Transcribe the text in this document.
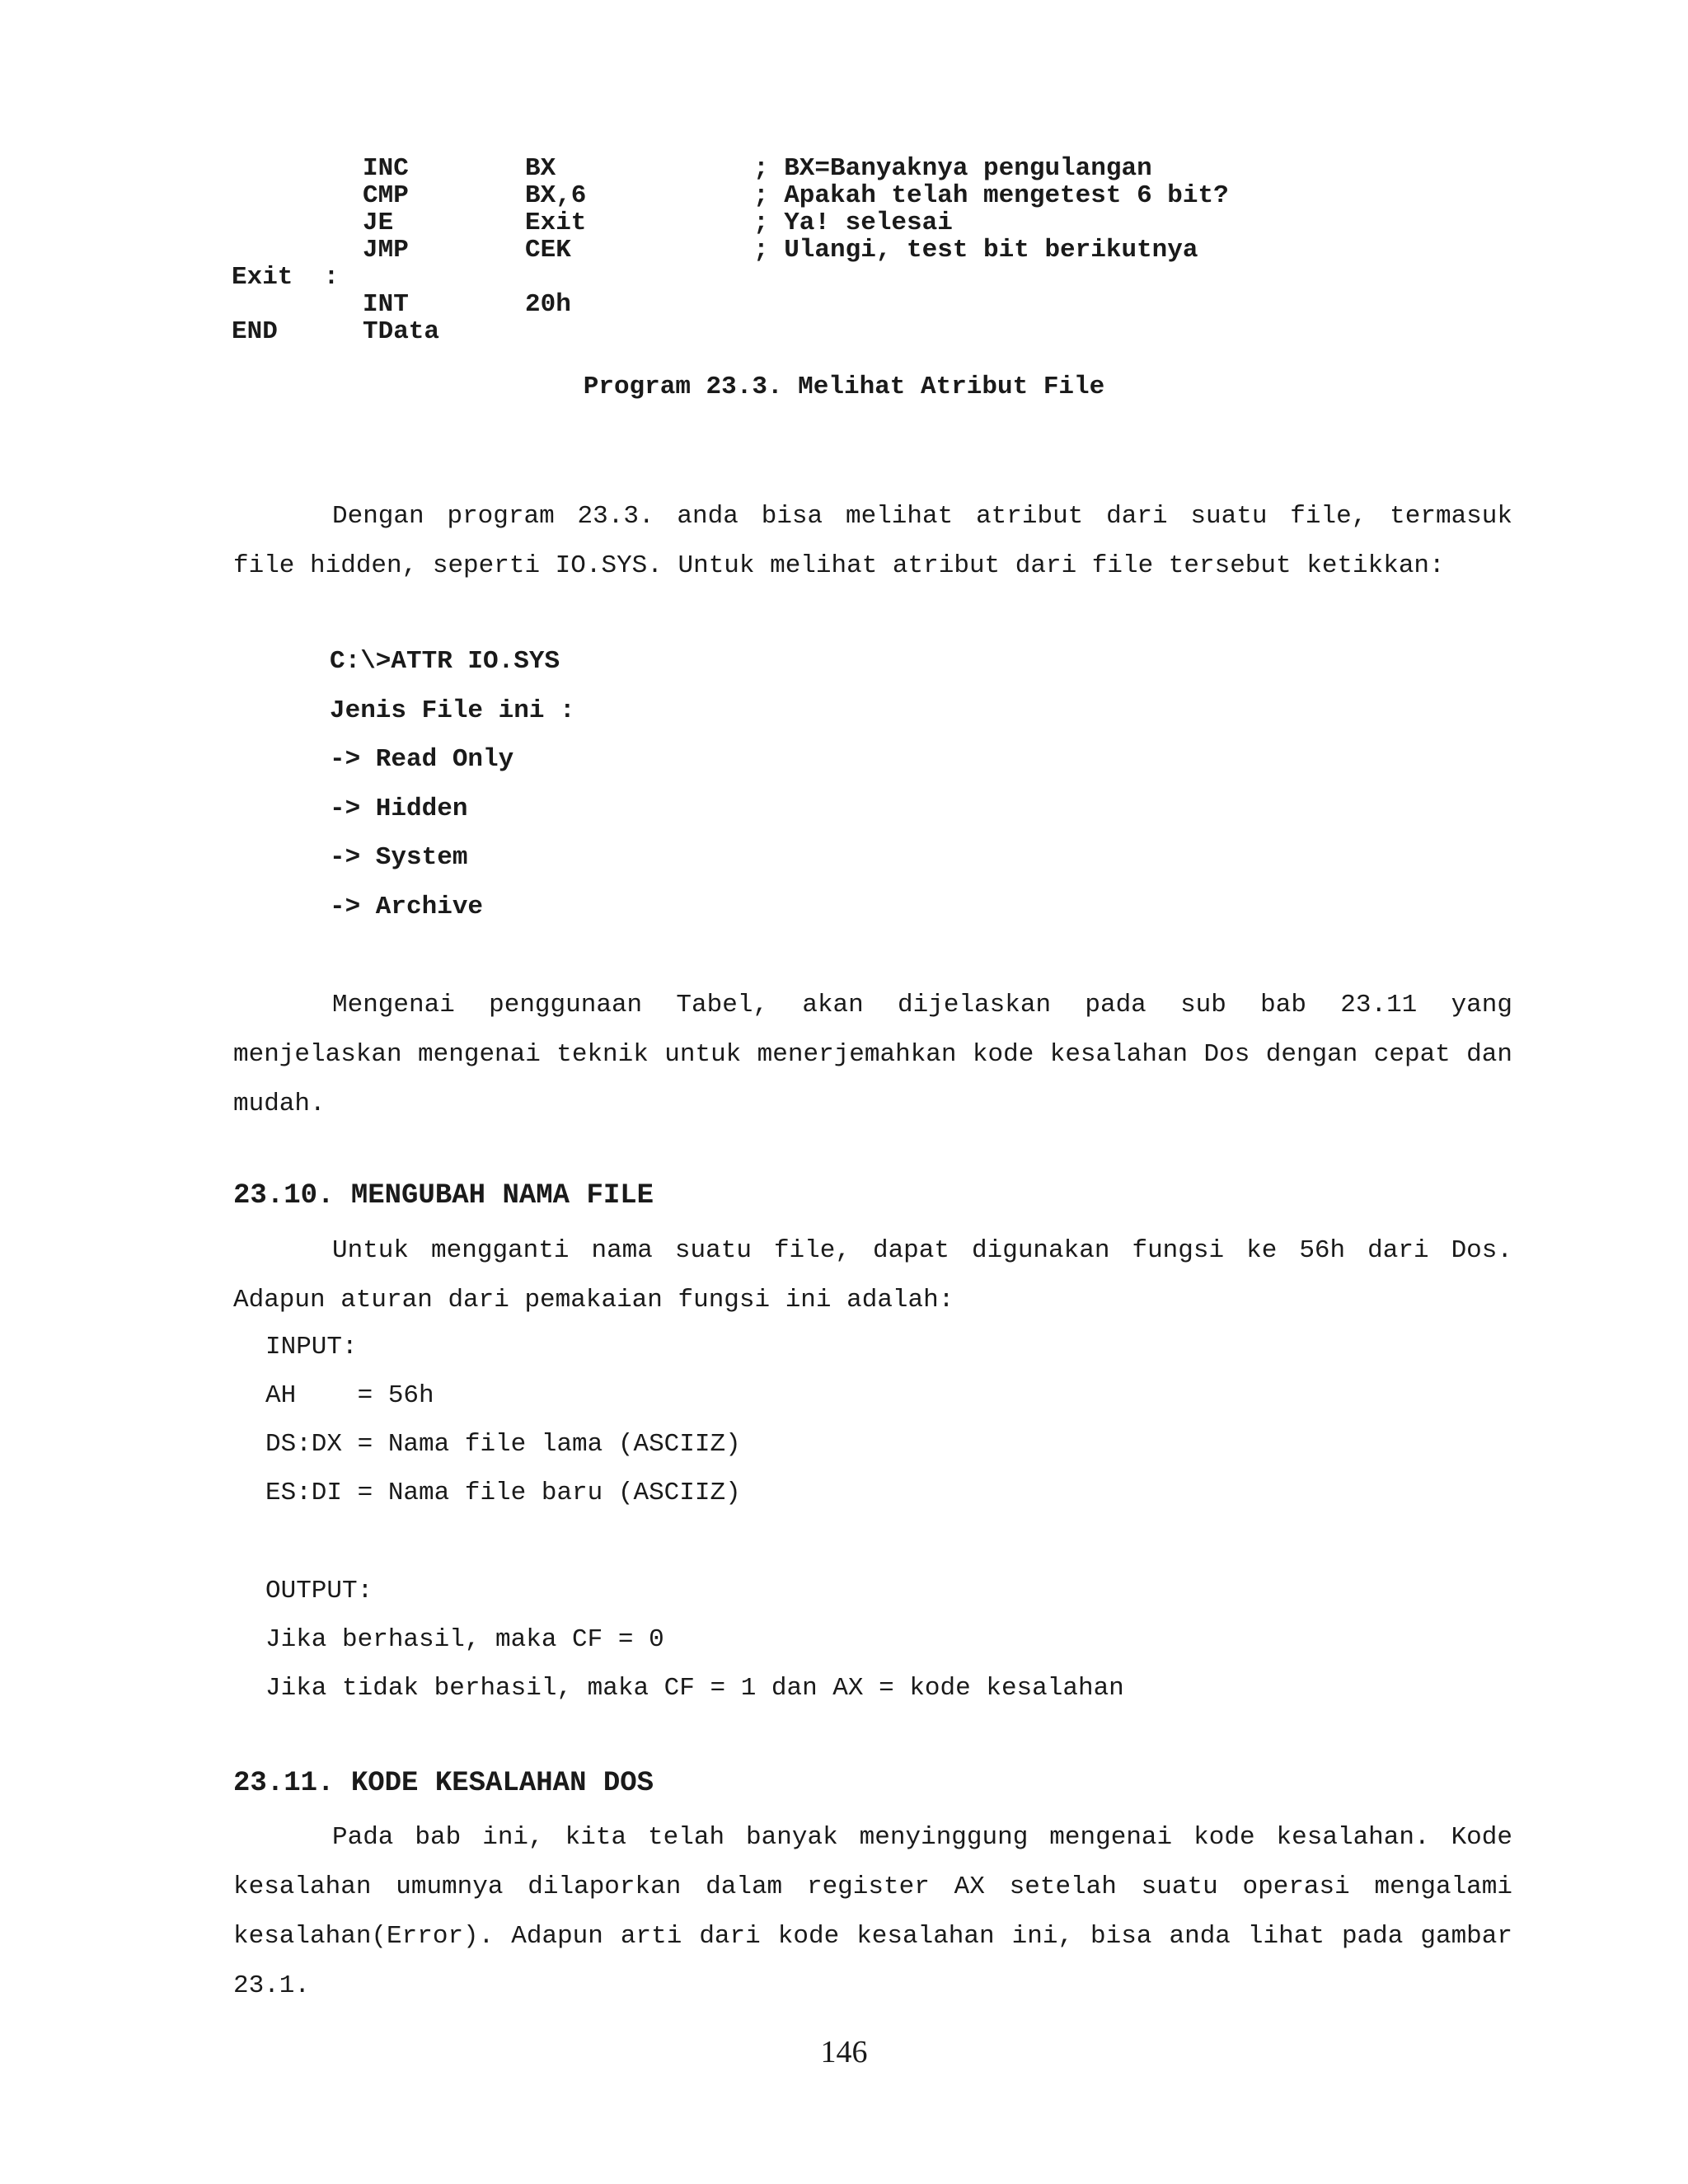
INC	BX	; BX=Banyaknya pengulangan
CMP	BX,6	; Apakah telah mengetest 6 bit?
JE	Exit	; Ya! selesai
JMP	CEK	; Ulangi, test bit berikutnya
Exit  :
INT	20h
END	TData
Program 23.3. Melihat Atribut File
Dengan program 23.3. anda bisa melihat atribut dari suatu file, termasuk file hidden, seperti IO.SYS. Untuk melihat atribut dari file tersebut ketikkan:
C:\>ATTR IO.SYS
Jenis File ini :
-> Read Only
-> Hidden
-> System
-> Archive
Mengenai penggunaan Tabel, akan dijelaskan pada sub bab 23.11 yang menjelaskan mengenai teknik untuk menerjemahkan kode kesalahan Dos dengan cepat dan mudah.
23.10. MENGUBAH NAMA FILE
Untuk mengganti nama suatu file, dapat digunakan fungsi ke 56h dari Dos. Adapun aturan dari pemakaian fungsi ini adalah:
INPUT:
AH    = 56h
DS:DX = Nama file lama (ASCIIZ)
ES:DI = Nama file baru (ASCIIZ)
OUTPUT:
Jika berhasil, maka CF = 0
Jika tidak berhasil, maka CF = 1 dan AX = kode kesalahan
23.11. KODE KESALAHAN DOS
Pada bab ini, kita telah banyak menyinggung mengenai kode kesalahan. Kode kesalahan umumnya dilaporkan dalam register AX setelah suatu operasi mengalami kesalahan(Error). Adapun arti dari kode kesalahan ini, bisa anda lihat pada gambar 23.1.
146
